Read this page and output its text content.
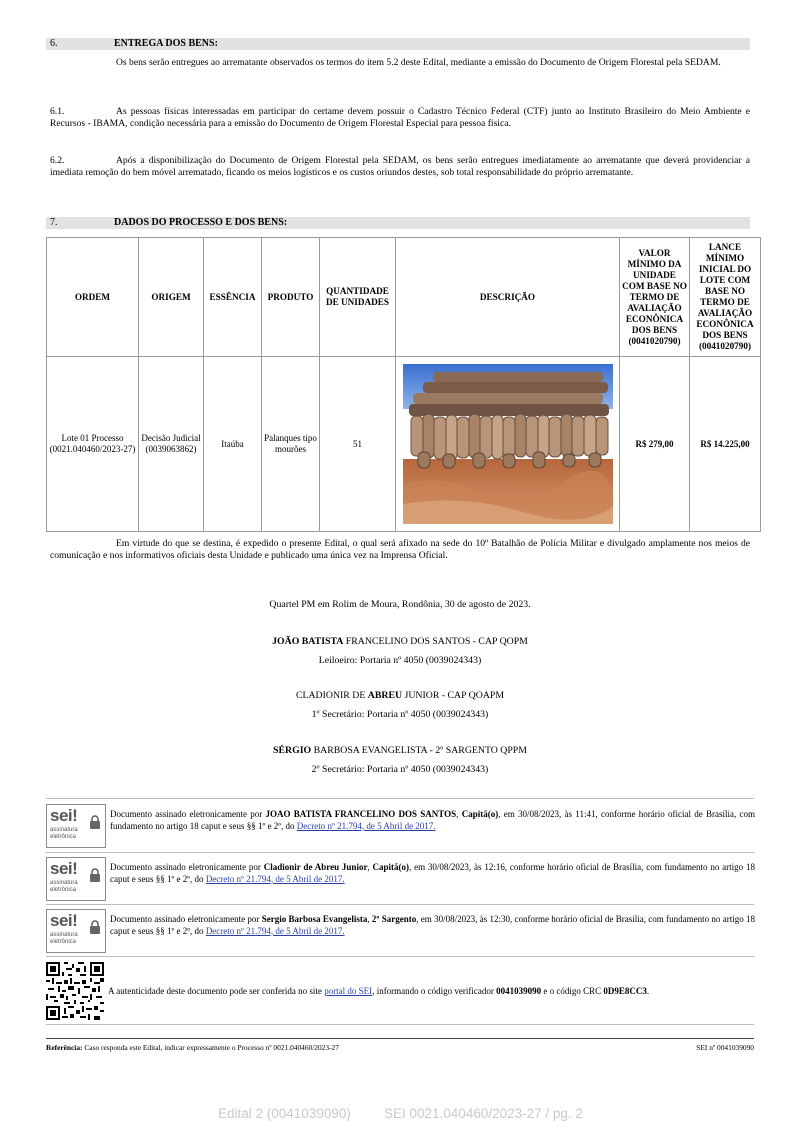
6.	ENTREGA DOS BENS:
Os bens serão entregues ao arrematante observados os termos do item 5.2 deste Edital, mediante a emissão do Documento de Origem Florestal pela SEDAM.
6.1.	As pessoas físicas interessadas em participar do certame devem possuir o Cadastro Técnico Federal (CTF) junto ao Instituto Brasileiro do Meio Ambiente e Recursos - IBAMA, condição necessária para a emissão do Documento de Origem Florestal Especial para pessoa física.
6.2.	Após a disponibilização do Documento de Origem Florestal pela SEDAM, os bens serão entregues imediatamente ao arrematante que deverá providenciar a imediata remoção do bem móvel arrematado, ficando os meios logísticos e os custos oriundos destes, sob total responsabilidade do próprio arrematante.
7.	DADOS DO PROCESSO E DOS BENS:
ORDEM	ORIGEM	ESSÊNCIA	PRODUTO	QUANTIDADE DE UNIDADES	DESCRIÇÃO	VALOR MÍNIMO DA UNIDADE COM BASE NO TERMO DE AVALIAÇÃO ECONÔNICA DOS BENS (0041020790)	LANCE MÍNIMO INICIAL DO LOTE COM BASE NO TERMO DE AVALIAÇÃO ECONÔNICA DOS BENS (0041020790)
Lote 01 Processo (0021.040460/2023-27)	Decisão Judicial (0039063862)	Itaúba	Palanques tipo mourões	51		R$ 279,00	R$ 14.225,00
Em virtude do que se destina, é expedido o presente Edital, o qual será afixado na sede do 10º Batalhão de Polícia Militar e divulgado amplamente nos meios de comunicação e nos informativos oficiais desta Unidade e publicado uma única vez na Imprensa Oficial.
Quartel PM em Rolim de Moura, Rondônia, 30 de agosto de 2023.
JOÃO BATISTA FRANCELINO DOS SANTOS - CAP QOPM
Leiloeiro: Portaria nº 4050 (0039024343)
CLADIONIR DE ABREU JUNIOR - CAP QOAPM
1º Secretário: Portaria nº 4050 (0039024343)
SÉRGIO BARBOSA EVANGELISTA - 2º SARGENTO QPPM
2º Secretário: Portaria nº 4050 (0039024343)
sei!
assinatura
eletrônica
Documento assinado eletronicamente por JOAO BATISTA FRANCELINO DOS SANTOS, Capitã(o), em 30/08/2023, às 11:41, conforme horário oficial de Brasília, com fundamento no artigo 18 caput e seus §§ 1º e 2º, do Decreto nº 21.794, de 5 Abril de 2017.
sei!
assinatura
eletrônica
Documento assinado eletronicamente por Cladionir de Abreu Junior, Capitã(o), em 30/08/2023, às 12:16, conforme horário oficial de Brasília, com fundamento no artigo 18 caput e seus §§ 1º e 2º, do Decreto nº 21.794, de 5 Abril de 2017.
sei!
assinatura
eletrônica
Documento assinado eletronicamente por Sergio Barbosa Evangelista, 2º Sargento, em 30/08/2023, às 12:30, conforme horário oficial de Brasília, com fundamento no artigo 18 caput e seus §§ 1º e 2º, do Decreto nº 21.794, de 5 Abril de 2017.
A autenticidade deste documento pode ser conferida no site portal do SEI, informando o código verificador 0041039090 e o código CRC 0D9E8CC3.
Referência: Caso responda este Edital, indicar expressamente o Processo nº 0021.040460/2023-27	SEI nº 0041039090
Edital 2 (0041039090) SEI 0021.040460/2023-27 / pg. 2
